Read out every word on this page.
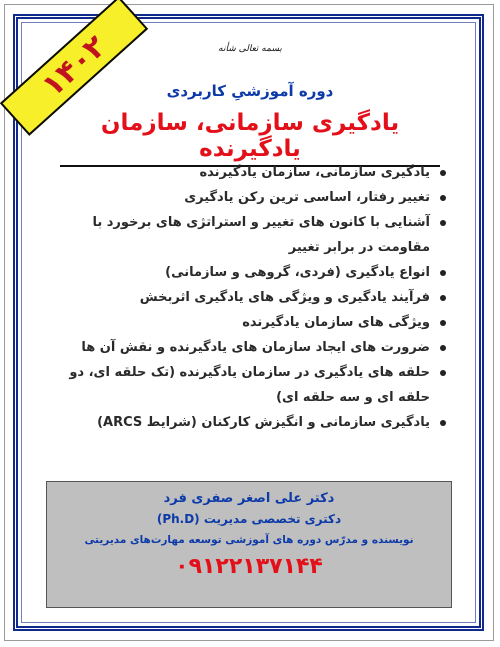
۱۴۰۲	بسمه تعالی شأنه
دوره آموزشیِ کاربردی
یادگیری سازمانی، سازمان یادگیرنده
یادگیری سازمانی، سازمان یادگیرنده
تغییر رفتار، اساسی ترین رکن یادگیری
آشنایی با کانون های تغییر و استراتژی های برخورد با مقاومت در برابر تغییر
انواع یادگیری (فردی، گروهی و سازمانی)
فرآیند یادگیری و ویژگی های یادگیری اثربخش
ویژگی های سازمان یادگیرنده
ضرورت های ایجاد سازمان های یادگیرنده و نقش آن ها
حلقه های یادگیری در سازمان یادگیرنده (تک حلقه ای، دو حلقه ای و سه حلقه ای)
یادگیری سازمانی و انگیزش کارکنان (شرایط ARCS)
دکتر علی اصغر صفری فرد
دکتری تخصصی مدیریت (Ph.D)
نویسنده و مدرّس دوره های آموزشی توسعه مهارت‌های مدیریتی
۰۹۱۲۲۱۳۷۱۴۴
